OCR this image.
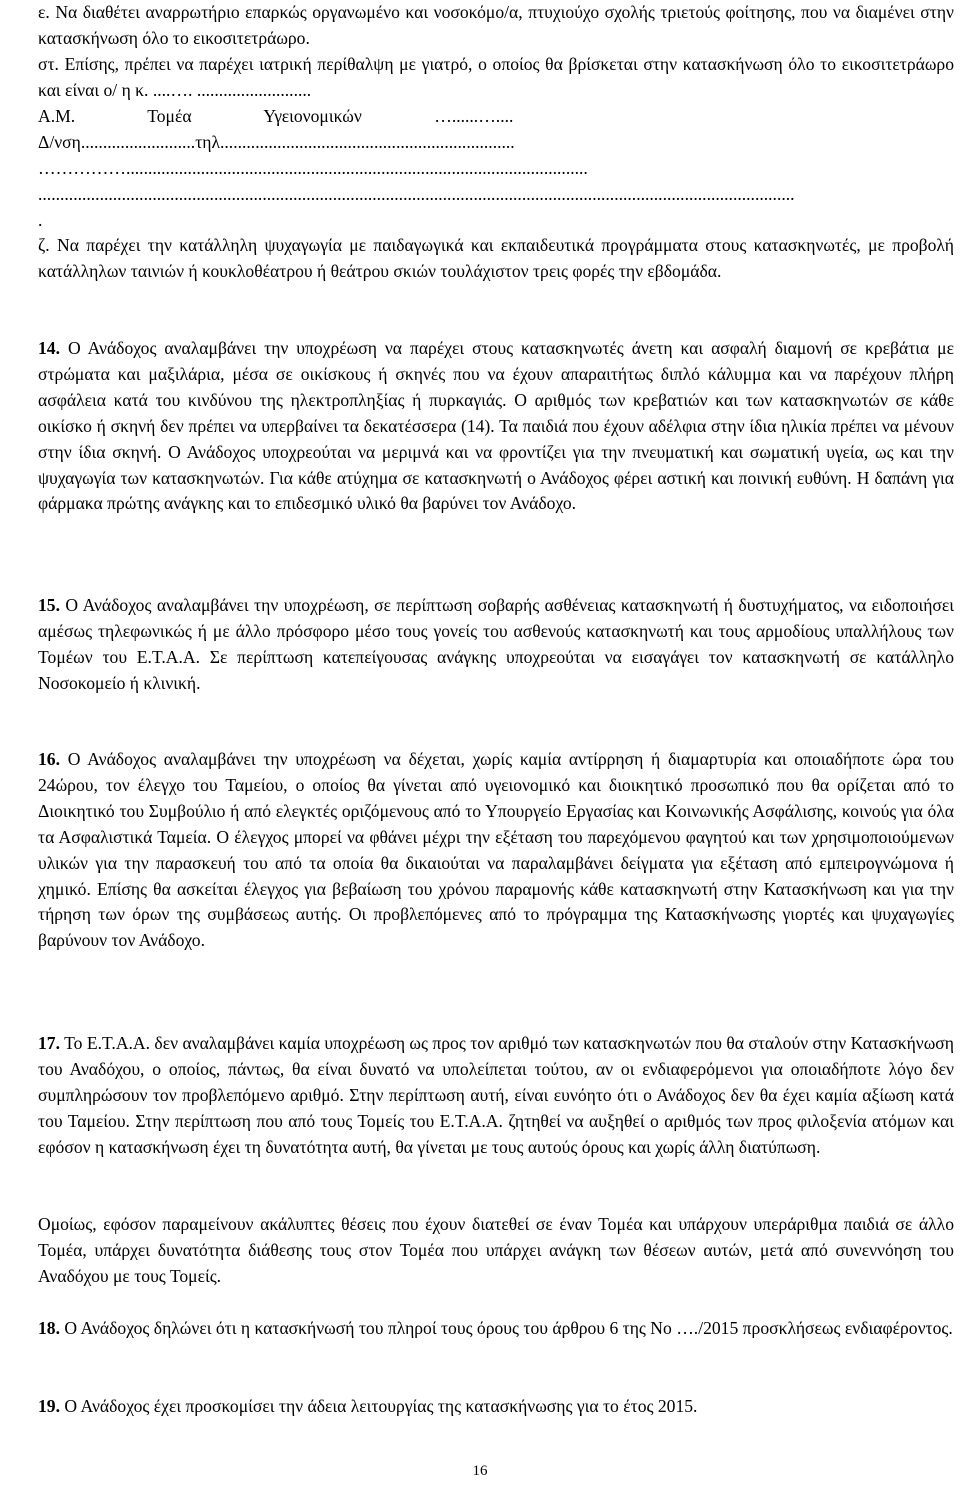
ε. Να διαθέτει αναρρωτήριο επαρκώς οργανωμένο και νοσοκόμο/α, πτυχιούχο σχολής τριετούς φοίτησης, που να διαμένει στην κατασκήνωση όλο το εικοσιτετράωρο.

στ. Επίσης, πρέπει να παρέχει ιατρική περίθαλψη με γιατρό, ο οποίος θα βρίσκεται στην κατασκήνωση όλο το εικοσιτετράωρο και είναι ο/ η κ. ....…. ..........................

Α.Μ. Τομέα Υγειονομικών …......…....
Δ/νση..........................τηλ...................................................................
…………….........................................................................................................
............................................................................................................................................................................
.

ζ. Να παρέχει την κατάλληλη ψυχαγωγία με παιδαγωγικά και εκπαιδευτικά προγράμματα στους κατασκηνωτές, με προβολή κατάλληλων ταινιών ή κουκλοθέατρου ή θεάτρου σκιών τουλάχιστον τρεις φορές την εβδομάδα.

14. Ο Ανάδοχος αναλαμβάνει την υποχρέωση να παρέχει στους κατασκηνωτές άνετη και ασφαλή διαμονή σε κρεβάτια με στρώματα και μαξιλάρια, μέσα σε οικίσκους ή σκηνές που να έχουν απαραιτήτως διπλό κάλυμμα και να παρέχουν πλήρη ασφάλεια κατά του κινδύνου της ηλεκτροπληξίας ή πυρκαγιάς. Ο αριθμός των κρεβατιών και των κατασκηνωτών σε κάθε οικίσκο ή σκηνή δεν πρέπει να υπερβαίνει τα δεκατέσσερα (14). Τα παιδιά που έχουν αδέλφια στην ίδια ηλικία πρέπει να μένουν στην ίδια σκηνή. Ο Ανάδοχος υποχρεούται να μεριμνά και να φροντίζει για την πνευματική και σωματική υγεία, ως και την ψυχαγωγία των κατασκηνωτών. Για κάθε ατύχημα σε κατασκηνωτή ο Ανάδοχος φέρει αστική και ποινική ευθύνη. Η δαπάνη για φάρμακα πρώτης ανάγκης και το επιδεσμικό υλικό θα βαρύνει τον Ανάδοχο.

15. Ο Ανάδοχος αναλαμβάνει την υποχρέωση, σε περίπτωση σοβαρής ασθένειας κατασκηνωτή ή δυστυχήματος, να ειδοποιήσει αμέσως τηλεφωνικώς ή με άλλο πρόσφορο μέσο τους γονείς του ασθενούς κατασκηνωτή και τους αρμοδίους υπαλλήλους των Τομέων του Ε.Τ.Α.Α. Σε περίπτωση κατεπείγουσας ανάγκης υποχρεούται να εισαγάγει τον κατασκηνωτή σε κατάλληλο Νοσοκομείο ή κλινική.

16. Ο Ανάδοχος αναλαμβάνει την υποχρέωση να δέχεται, χωρίς καμία αντίρρηση ή διαμαρτυρία και οποιαδήποτε ώρα του 24ώρου, τον έλεγχο του Ταμείου, ο οποίος θα γίνεται από υγειονομικό και διοικητικό προσωπικό που θα ορίζεται από το Διοικητικό του Συμβούλιο ή από ελεγκτές οριζόμενους από το Υπουργείο Εργασίας και Κοινωνικής Ασφάλισης, κοινούς για όλα τα Ασφαλιστικά Ταμεία. Ο έλεγχος μπορεί να φθάνει μέχρι την εξέταση του παρεχόμενου φαγητού και των χρησιμοποιούμενων υλικών για την παρασκευή του από τα οποία θα δικαιούται να παραλαμβάνει δείγματα για εξέταση από εμπειρογνώμονα ή χημικό. Επίσης θα ασκείται έλεγχος για βεβαίωση του χρόνου παραμονής κάθε κατασκηνωτή στην Κατασκήνωση και για την τήρηση των όρων της συμβάσεως αυτής. Οι προβλεπόμενες από το πρόγραμμα της Κατασκήνωσης γιορτές και ψυχαγωγίες βαρύνουν τον Ανάδοχο.

17. Το Ε.Τ.Α.Α. δεν αναλαμβάνει καμία υποχρέωση ως προς τον αριθμό των κατασκηνωτών που θα σταλούν στην Κατασκήνωση του Αναδόχου, ο οποίος, πάντως, θα είναι δυνατό να υπολείπεται τούτου, αν οι ενδιαφερόμενοι για οποιαδήποτε λόγο δεν συμπληρώσουν τον προβλεπόμενο αριθμό. Στην περίπτωση αυτή, είναι ευνόητο ότι ο Ανάδοχος δεν θα έχει καμία αξίωση κατά του Ταμείου. Στην περίπτωση που από τους Τομείς του Ε.Τ.Α.Α. ζητηθεί να αυξηθεί ο αριθμός των προς φιλοξενία ατόμων και εφόσον η κατασκήνωση έχει τη δυνατότητα αυτή, θα γίνεται με τους αυτούς όρους και χωρίς άλλη διατύπωση.

Ομοίως, εφόσον παραμείνουν ακάλυπτες θέσεις που έχουν διατεθεί σε έναν Τομέα και υπάρχουν υπεράριθμα παιδιά σε άλλο Τομέα, υπάρχει δυνατότητα διάθεσης τους στον Τομέα που υπάρχει ανάγκη των θέσεων αυτών, μετά από συνεννόηση του Αναδόχου με τους Τομείς.

18. Ο Ανάδοχος δηλώνει ότι η κατασκήνωσή του πληροί τους όρους του άρθρου 6 της Νο …./2015 προσκλήσεως ενδιαφέροντος.

19. Ο Ανάδοχος έχει προσκομίσει την άδεια λειτουργίας της κατασκήνωσης για το έτος 2015.

16
